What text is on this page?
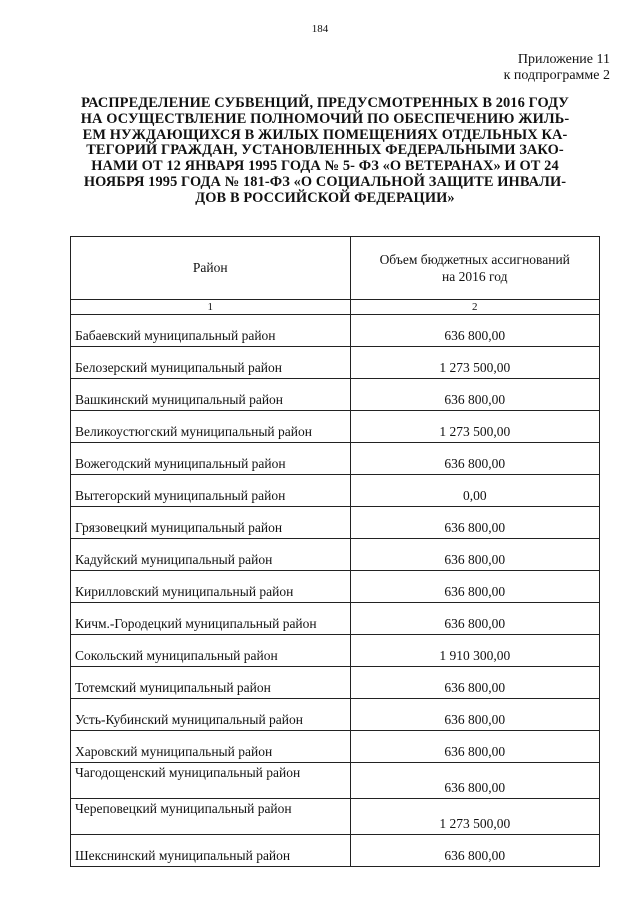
184
Приложение 11
к подпрограмме 2
РАСПРЕДЕЛЕНИЕ СУБВЕНЦИЙ, ПРЕДУСМОТРЕННЫХ В 2016 ГОДУ
НА ОСУЩЕСТВЛЕНИЕ ПОЛНОМОЧИЙ ПО ОБЕСПЕЧЕНИЮ ЖИЛЬ-
ЕМ НУЖДАЮЩИХСЯ В ЖИЛЫХ ПОМЕЩЕНИЯХ ОТДЕЛЬНЫХ КА-
ТЕГОРИЙ ГРАЖДАН, УСТАНОВЛЕННЫХ ФЕДЕРАЛЬНЫМИ ЗАКО-
НАМИ ОТ 12 ЯНВАРЯ 1995 ГОДА № 5- ФЗ «О ВЕТЕРАНАХ» И ОТ 24
НОЯБРЯ 1995 ГОДА № 181-ФЗ «О СОЦИАЛЬНОЙ ЗАЩИТЕ ИНВАЛИ-
ДОВ В РОССИЙСКОЙ ФЕДЕРАЦИИ»
Район	Объем бюджетных ассигнований
на 2016 год

1	2
Бабаевский муниципальный район	636 800,00
Белозерский муниципальный район	1 273 500,00
Вашкинский муниципальный район	636 800,00
Великоустюгский муниципальный район	1 273 500,00
Вожегодский муниципальный район	636 800,00
Вытегорский муниципальный район	0,00
Грязовецкий муниципальный район	636 800,00
Кадуйский муниципальный район	636 800,00
Кирилловский муниципальный район	636 800,00
Кичм.-Городецкий муниципальный район	636 800,00
Сокольский муниципальный район	1 910 300,00
Тотемский муниципальный район	636 800,00
Усть-Кубинский муниципальный район	636 800,00
Харовский муниципальный район	636 800,00
Чагодощенский муниципальный район	636 800,00
Череповецкий муниципальный район	1 273 500,00
Шекснинский муниципальный район	636 800,00
